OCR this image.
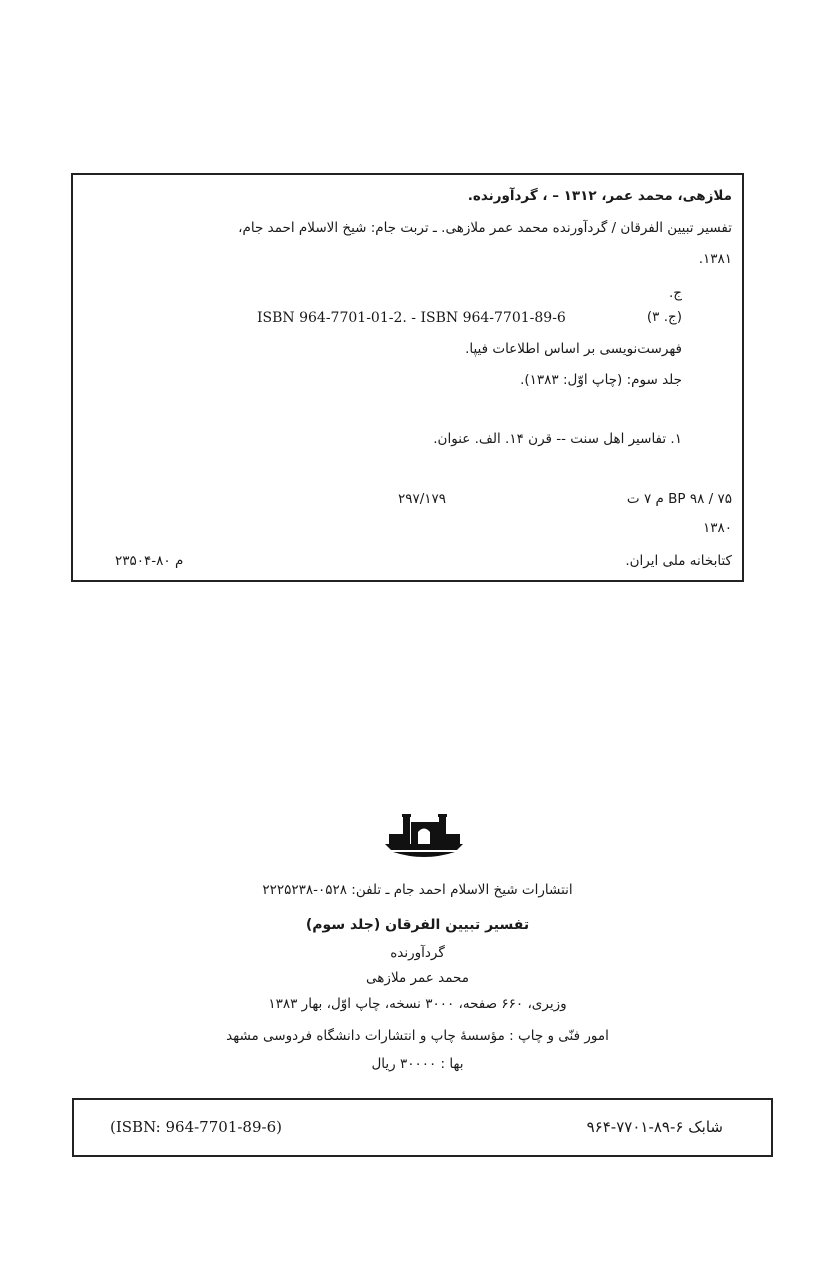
ملازهی، محمد عمر، ۱۳۱۲ – ، گردآورنده.
تفسیر تبیین الفرقان / گردآورنده محمد عمر ملازهی. ـ تربت جام: شیخ الاسلام احمد جام،
۱۳۸۱.
ج.
(ج. ۳)
ISBN 964-7701-01-2. - ISBN 964-7701-89-6
فهرست‌نویسی بر اساس اطلاعات فیپا.
جلد سوم: (چاپ اوّل: ۱۳۸۳).
۱. تفاسیر اهل سنت -- قرن ۱۴. الف. عنوان.
BP ۹۸ / ۷۵ م ۷ ت
۲۹۷/۱۷۹
۱۳۸۰
کتابخانه ملی ایران.
م ۸۰-۲۳۵۰۴
انتشارات شیخ الاسلام احمد جام ـ تلفن: ۰۵۲۸-۲۲۲۵۲۳۸
تفسیر تبیین الفرقان (جلد سوم)
گردآورنده
محمد عمر ملازهی
وزیری، ۶۶۰ صفحه، ۳۰۰۰ نسخه، چاپ اوّل، بهار ۱۳۸۳
امور فنّی و چاپ : مؤسسهٔ چاپ و انتشارات دانشگاه فردوسی مشهد
بها : ۳۰۰۰۰ ریال
(ISBN: 964-7701-89-6)	شابک ۶-۸۹-۷۷۰۱-۹۶۴
